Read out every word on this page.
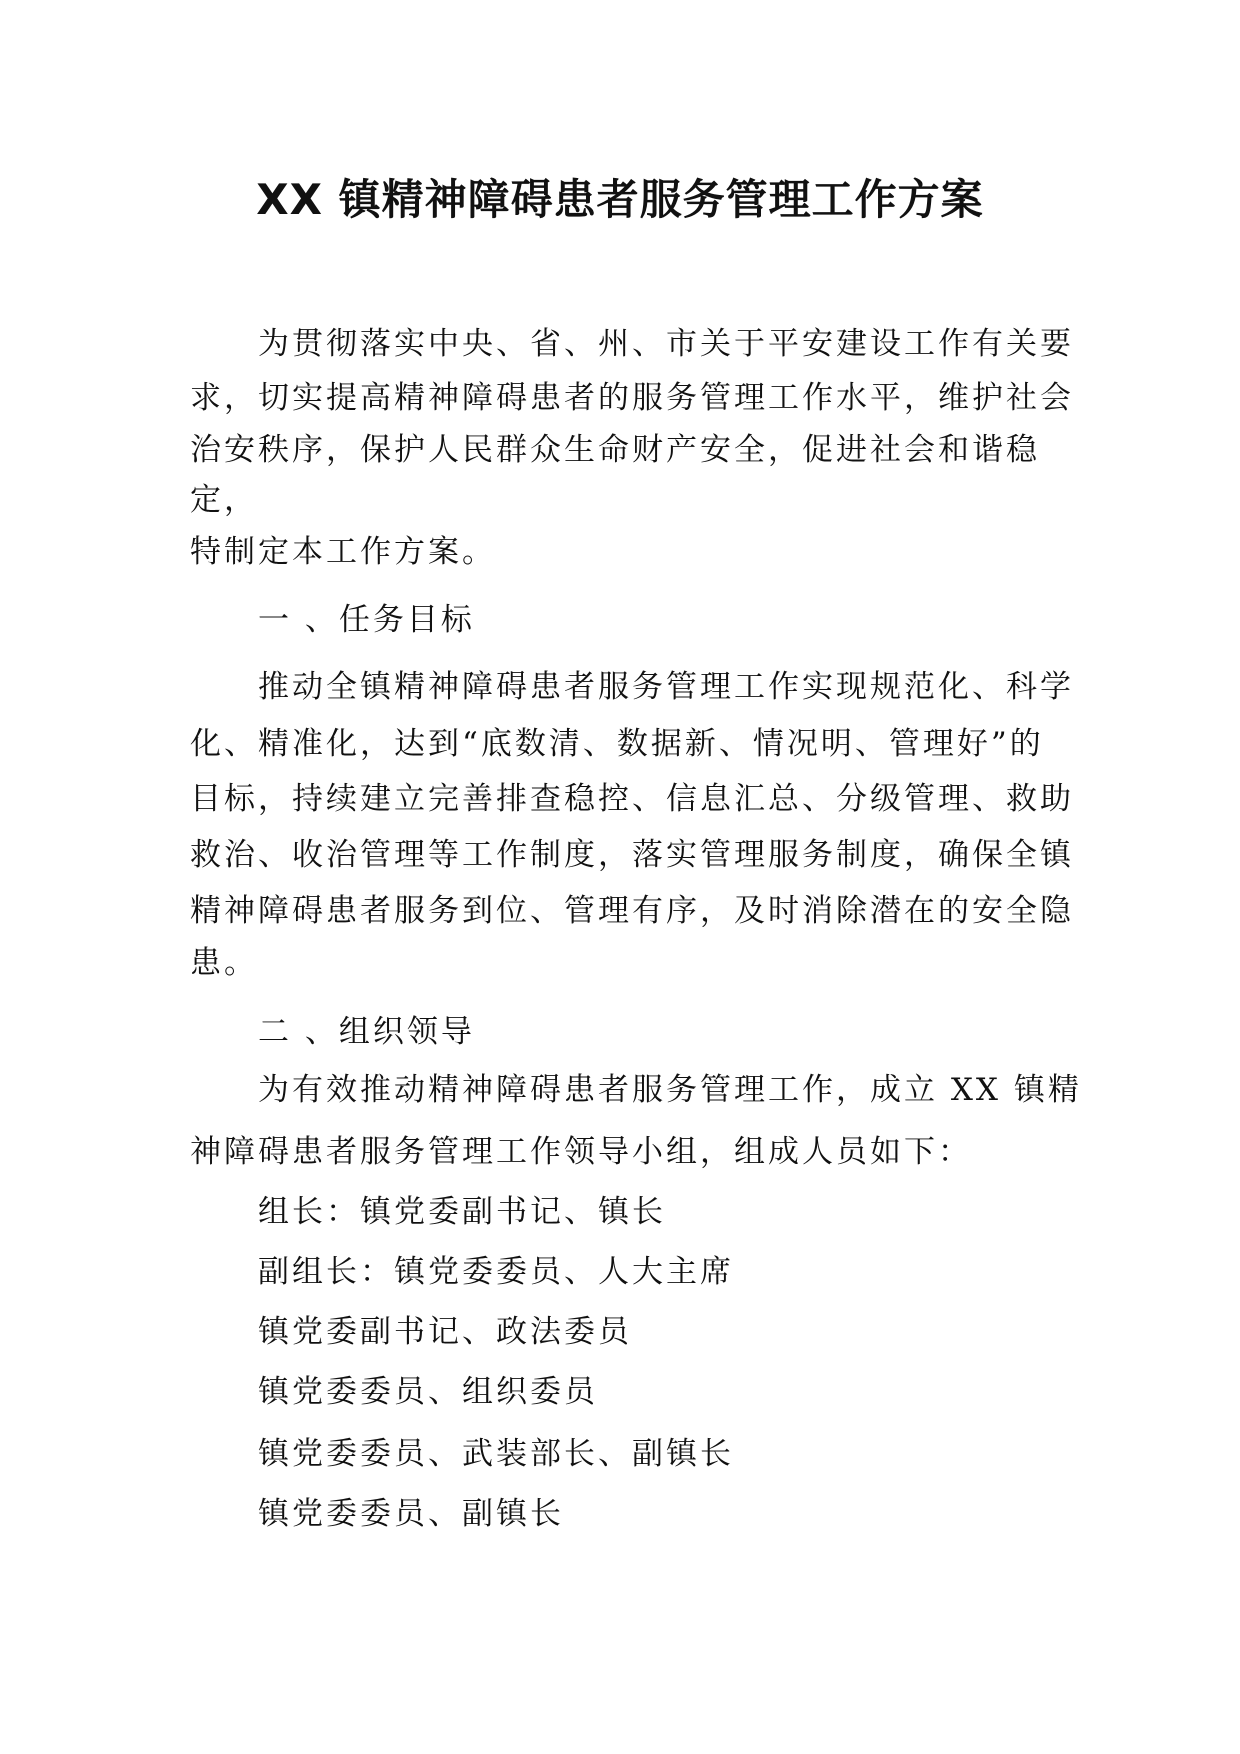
XX 镇精神障碍患者服务管理工作方案

为贯彻落实中央、省、州、市关于平安建设工作有关要

求，切实提高精神障碍患者的服务管理工作水平，维护社会

治安秩序，保护人民群众生命财产安全，促进社会和谐稳

定，

特制定本工作方案。

一 、任务目标

推动全镇精神障碍患者服务管理工作实现规范化、科学

化、精准化，达到“底数清、数据新、情况明、管理好”的

目标，持续建立完善排查稳控、信息汇总、分级管理、救助

救治、收治管理等工作制度，落实管理服务制度，确保全镇

精神障碍患者服务到位、管理有序，及时消除潜在的安全隐

患。

二 、组织领导

为有效推动精神障碍患者服务管理工作，成立 XX 镇精

神障碍患者服务管理工作领导小组，组成人员如下：

组长：镇党委副书记、镇长

副组长：镇党委委员、人大主席

镇党委副书记、政法委员

镇党委委员、组织委员

镇党委委员、武装部长、副镇长

镇党委委员、副镇长
